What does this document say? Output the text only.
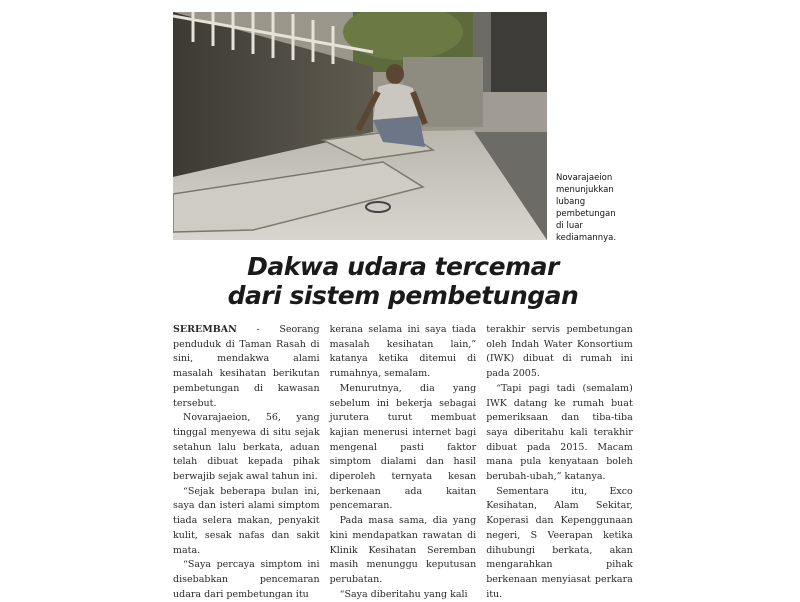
Novarajaeion

menunjukkan

lubang

pembetungan

di luar

kediamannya.

Dakwa udara tercemar
dari sistem pembetungan

SEREMBAN - Seorang penduduk di Taman Rasah di sini, mendakwa alami masalah kesihatan berikutan pembetungan di kawasan tersebut.

Novarajaeion, 56, yang tinggal menyewa di situ sejak setahun lalu berkata, aduan telah dibuat kepada pihak berwajib sejak awal tahun ini.

“Sejak beberapa bulan ini, saya dan isteri alami simptom tiada selera makan, penyakit kulit, sesak nafas dan sakit mata.

“Saya percaya simptom ini disebabkan pencemaran udara dari pembetungan itu

kerana selama ini saya tiada masalah kesihatan lain,” katanya ketika ditemui di rumahnya, semalam.

Menurutnya, dia yang sebelum ini bekerja sebagai jurutera turut membuat kajian menerusi internet bagi mengenal pasti faktor simptom dialami dan hasil diperoleh ternyata kesan berkenaan ada kaitan pencemaran.

Pada masa sama, dia yang kini mendapatkan rawatan di Klinik Kesihatan Seremban masih menunggu keputusan perubatan.

“Saya diberitahu yang kali

terakhir servis pembetungan oleh Indah Water Konsortium (IWK) dibuat di rumah ini pada 2005.

“Tapi pagi tadi (semalam) IWK datang ke rumah buat pemeriksaan dan tiba-tiba saya diberitahu kali terakhir dibuat pada 2015. Macam mana pula kenyataan boleh berubah-ubah,” katanya.

Sementara itu, Exco Kesihatan, Alam Sekitar, Koperasi dan Kepenggunaan negeri, S Veerapan ketika dihubungi berkata, akan mengarahkan pihak berkenaan menyiasat perkara itu.
